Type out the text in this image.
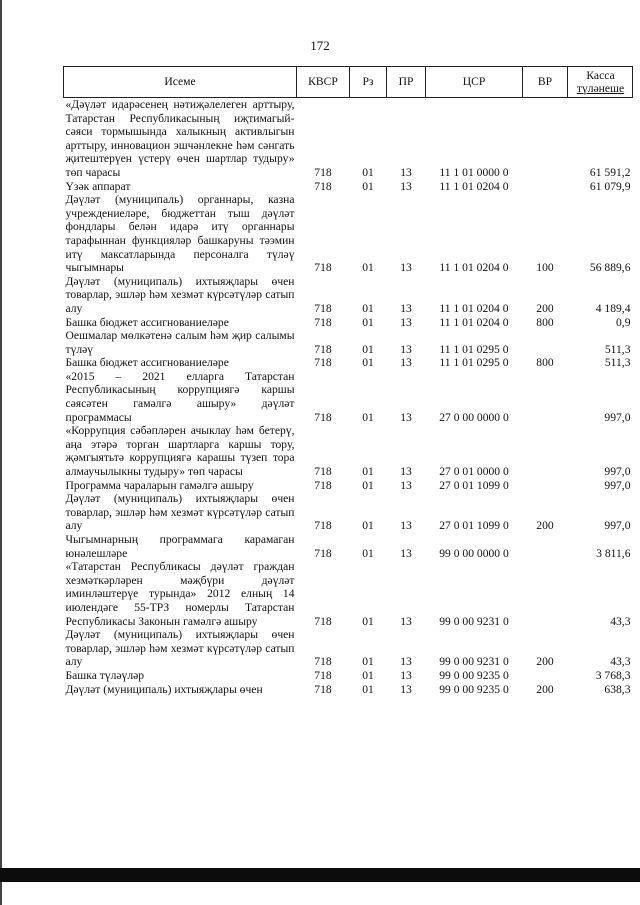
172
Исеме	КВСР	Рз	ПР	ЦСР	ВР	Касса
түләнеше

«Дәүләт идарәсенең нәтиҗәлелеген арттыру, Татарстан Республикасының иҗтимагый-сәяси тормышында халыкның активлыгын арттыру, инновацион эшчәнлекне һәм сәнгать җитештерүен үстерү өчен шартлар тудыру» төп чарасы	718	01	13	11 1 01 0000 0		61 591,2
Үзәк аппарат	718	01	13	11 1 01 0204 0		61 079,9
Дәүләт (муниципаль) органнары, казна учреждениеләре, бюджеттан тыш дәүләт фондлары белән идарә итү органнары тарафыннан функцияләр башкаруны тәэмин итү максатларында персоналга түләү чыгымнары	718	01	13	11 1 01 0204 0	100	56 889,6
Дәүләт (муниципаль) ихтыяҗлары өчен товарлар, эшләр һәм хезмәт күрсәтүләр сатып алу	718	01	13	11 1 01 0204 0	200	4 189,4
Башка бюджет ассигнованиеләре	718	01	13	11 1 01 0204 0	800	0,9
Оешмалар мөлкәтенә салым һәм җир салымы түләү	718	01	13	11 1 01 0295 0		511,3
Башка бюджет ассигнованиеләре	718	01	13	11 1 01 0295 0	800	511,3
«2015 – 2021 елларга Татарстан Республикасының коррупциягә каршы сәясәтен гамәлгә ашыру» дәүләт программасы	718	01	13	27 0 00 0000 0		997,0
«Коррупция сәбәпләрен ачыклау һәм бетерү, аңа этәрә торган шартларга каршы тору, җәмгыятьтә коррупциягә карашы түзеп тора алмаучылыкны тудыру» төп чарасы	718	01	13	27 0 01 0000 0		997,0
Программа чараларын гамәлгә ашыру	718	01	13	27 0 01 1099 0		997,0
Дәүләт (муниципаль) ихтыяҗлары өчен товарлар, эшләр һәм хезмәт күрсәтүләр сатып алу	718	01	13	27 0 01 1099 0	200	997,0
Чыгымнарның программага карамаган юнәлешләре	718	01	13	99 0 00 0000 0		3 811,6
«Татарстан Республикасы дәүләт граждан хезмәткәрләрен мәҗбүри дәүләт иминләштерүе турында» 2012 елның 14 июлендәге 55-ТРЗ номерлы Татарстан Республикасы Законын гамәлгә ашыру	718	01	13	99 0 00 9231 0		43,3
Дәүләт (муниципаль) ихтыяҗлары өчен товарлар, эшләр һәм хезмәт күрсәтүләр сатып алу	718	01	13	99 0 00 9231 0	200	43,3
Башка түләүләр	718	01	13	99 0 00 9235 0		3 768,3
Дәүләт (муниципаль) ихтыяҗлары өчен	718	01	13	99 0 00 9235 0	200	638,3
